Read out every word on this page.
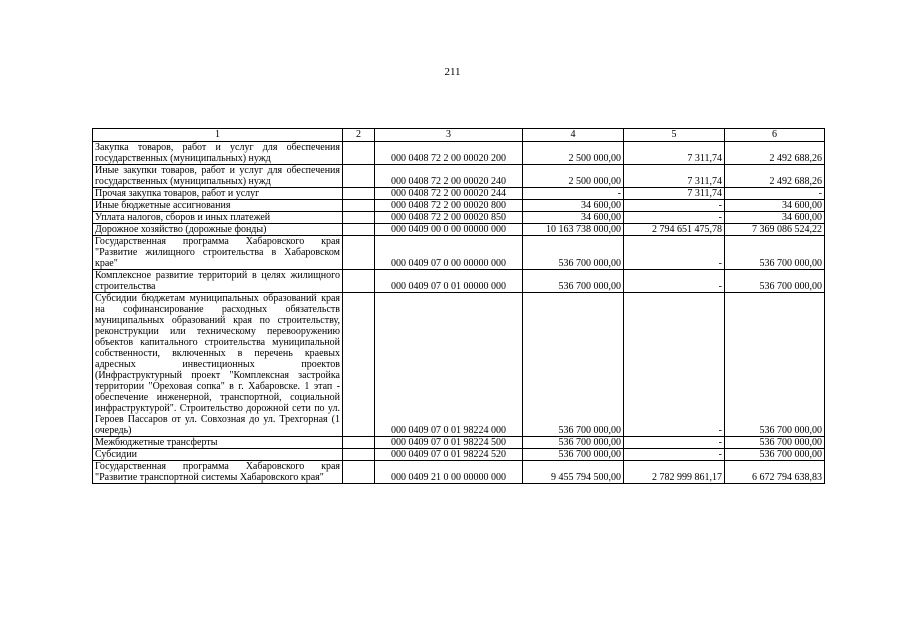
211
1	2	3	4	5	6
Закупка товаров, работ и услуг для обеспечения государственных (муниципальных) нужд		000 0408 72 2 00 00020 200	2 500 000,00	7 311,74	2 492 688,26
Иные закупки товаров, работ и услуг для обеспечения государственных (муниципальных) нужд		000 0408 72 2 00 00020 240	2 500 000,00	7 311,74	2 492 688,26
Прочая закупка товаров, работ и услуг		000 0408 72 2 00 00020 244	-	7 311,74	-
Иные бюджетные ассигнования		000 0408 72 2 00 00020 800	34 600,00	-	34 600,00
Уплата налогов, сборов и иных платежей		000 0408 72 2 00 00020 850	34 600,00	-	34 600,00
Дорожное хозяйство (дорожные фонды)		000 0409 00 0 00 00000 000	10 163 738 000,00	2 794 651 475,78	7 369 086 524,22
Государственная программа Хабаровского края "Развитие жилищного строительства в Хабаровском крае"		000 0409 07 0 00 00000 000	536 700 000,00	-	536 700 000,00
Комплексное развитие территорий в целях жилищного строительства		000 0409 07 0 01 00000 000	536 700 000,00	-	536 700 000,00
Субсидии бюджетам муниципальных образований края на софинансирование расходных обязательств муниципальных образований края по строительству, реконструкции или техническому перевооружению объектов капитального строительства муниципальной собственности, включенных в перечень краевых адресных инвестиционных проектов (Инфраструктурный проект "Комплексная застройка территории "Ореховая сопка" в г. Хабаровске. 1 этап - обеспечение инженерной, транспортной, социальной инфраструктурой". Строительство дорожной сети по ул. Героев Пассаров от ул. Совхозная до ул. Трехгорная (1 очередь)		000 0409 07 0 01 98224 000	536 700 000,00	-	536 700 000,00
Межбюджетные трансферты		000 0409 07 0 01 98224 500	536 700 000,00	-	536 700 000,00
Субсидии		000 0409 07 0 01 98224 520	536 700 000,00	-	536 700 000,00
Государственная программа Хабаровского края "Развитие транспортной системы Хабаровского края"		000 0409 21 0 00 00000 000	9 455 794 500,00	2 782 999 861,17	6 672 794 638,83
